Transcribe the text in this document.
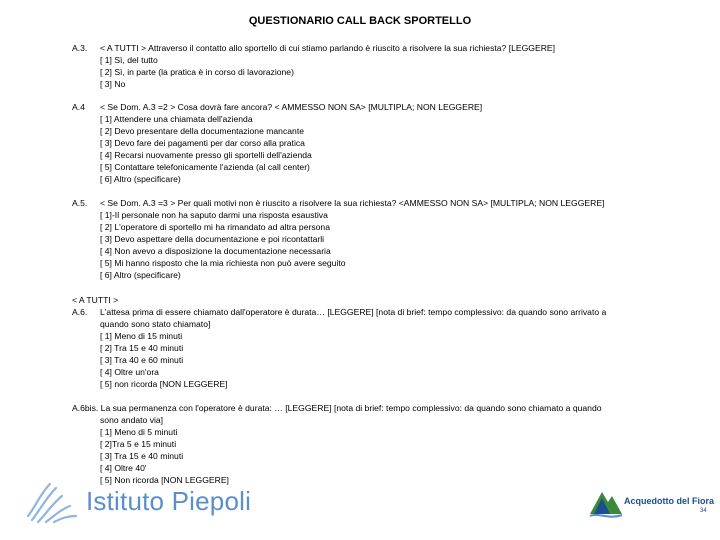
QUESTIONARIO CALL BACK SPORTELLO
A.3.	< A TUTTI > Attraverso il contatto allo sportello di cui stiamo parlando è riuscito a risolvere la sua richiesta? [LEGGERE]
[ 1] Sì, del tutto
[ 2] Sì, in parte (la pratica è in corso di lavorazione)
[ 3] No
A.4	< Se Dom. A.3 =2 > Cosa dovrà fare ancora? < AMMESSO NON SA> [MULTIPLA; NON LEGGERE]
[ 1] Attendere una chiamata dell'azienda
[ 2] Devo presentare della documentazione mancante
[ 3] Devo fare dei pagamenti per dar corso alla pratica
[ 4] Recarsi nuovamente presso gli sportelli dell'azienda
[ 5] Contattare telefonicamente l'azienda (al call center)
[ 6] Altro (specificare)
A.5.	< Se Dom. A.3 =3 > Per quali motivi non è riuscito a risolvere la sua richiesta? <AMMESSO NON SA> [MULTIPLA; NON LEGGERE]
[ 1]-Il personale non ha saputo darmi una risposta esaustiva
[ 2] L'operatore di sportello mi ha rimandato ad altra persona
[ 3] Devo aspettare della documentazione e poi ricontattarli
[ 4] Non avevo a disposizione la documentazione necessaria
[ 5] Mi hanno risposto che la mia richiesta non può avere seguito
[ 6] Altro (specificare)
< A TUTTI >
A.6.	L'attesa prima di essere chiamato dall'operatore è durata… [LEGGERE] [nota di brief: tempo complessivo: da quando sono arrivato a
quando sono stato chiamato]
[ 1] Meno di 15 minuti
[ 2] Tra 15 e 40 minuti
[ 3] Tra 40 e 60 minuti
[ 4] Oltre un'ora
[ 5] non ricorda [NON LEGGERE]
A.6bis. La sua permanenza con l'operatore è durata: … [LEGGERE] [nota di brief: tempo complessivo: da quando sono chiamato a quando
sono andato via]
[ 1] Meno di 5 minuti
[ 2]Tra 5 e 15 minuti
[ 3] Tra 15 e 40 minuti
[ 4] Oltre 40'
[ 5] Non ricorda [NON LEGGERE]
Istituto Piepoli	Acquedotto del Fiora
34
